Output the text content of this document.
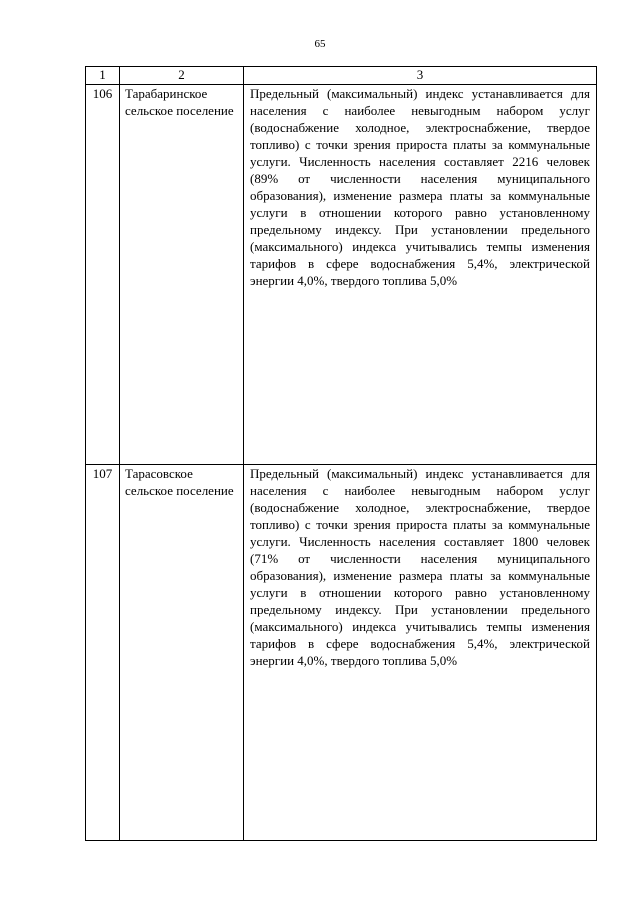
65
1	2	3
106	Тарабаринское сельское поселение	Предельный (максимальный) индекс устанавливается для населения с наиболее невыгодным набором услуг (водоснабжение холодное, электроснабжение, твердое топливо) с точки зрения прироста платы за коммунальные услуги. Численность населения составляет 2216 человек (89% от численности населения муниципального образования), изменение размера платы за коммунальные услуги в отношении которого равно установленному предельному индексу. При установлении предельного (максимального) индекса учитывались темпы изменения тарифов в сфере водоснабжения 5,4%, электрической энергии 4,0%, твердого топлива 5,0%
107	Тарасовское сельское поселение	Предельный (максимальный) индекс устанавливается для населения с наиболее невыгодным набором услуг (водоснабжение холодное, электроснабжение, твердое топливо) с точки зрения прироста платы за коммунальные услуги. Численность населения составляет 1800 человек (71% от численности населения муниципального образования), изменение размера платы за коммунальные услуги в отношении которого равно установленному предельному индексу. При установлении предельного (максимального) индекса учитывались темпы изменения тарифов в сфере водоснабжения 5,4%, электрической энергии 4,0%, твердого топлива 5,0%
